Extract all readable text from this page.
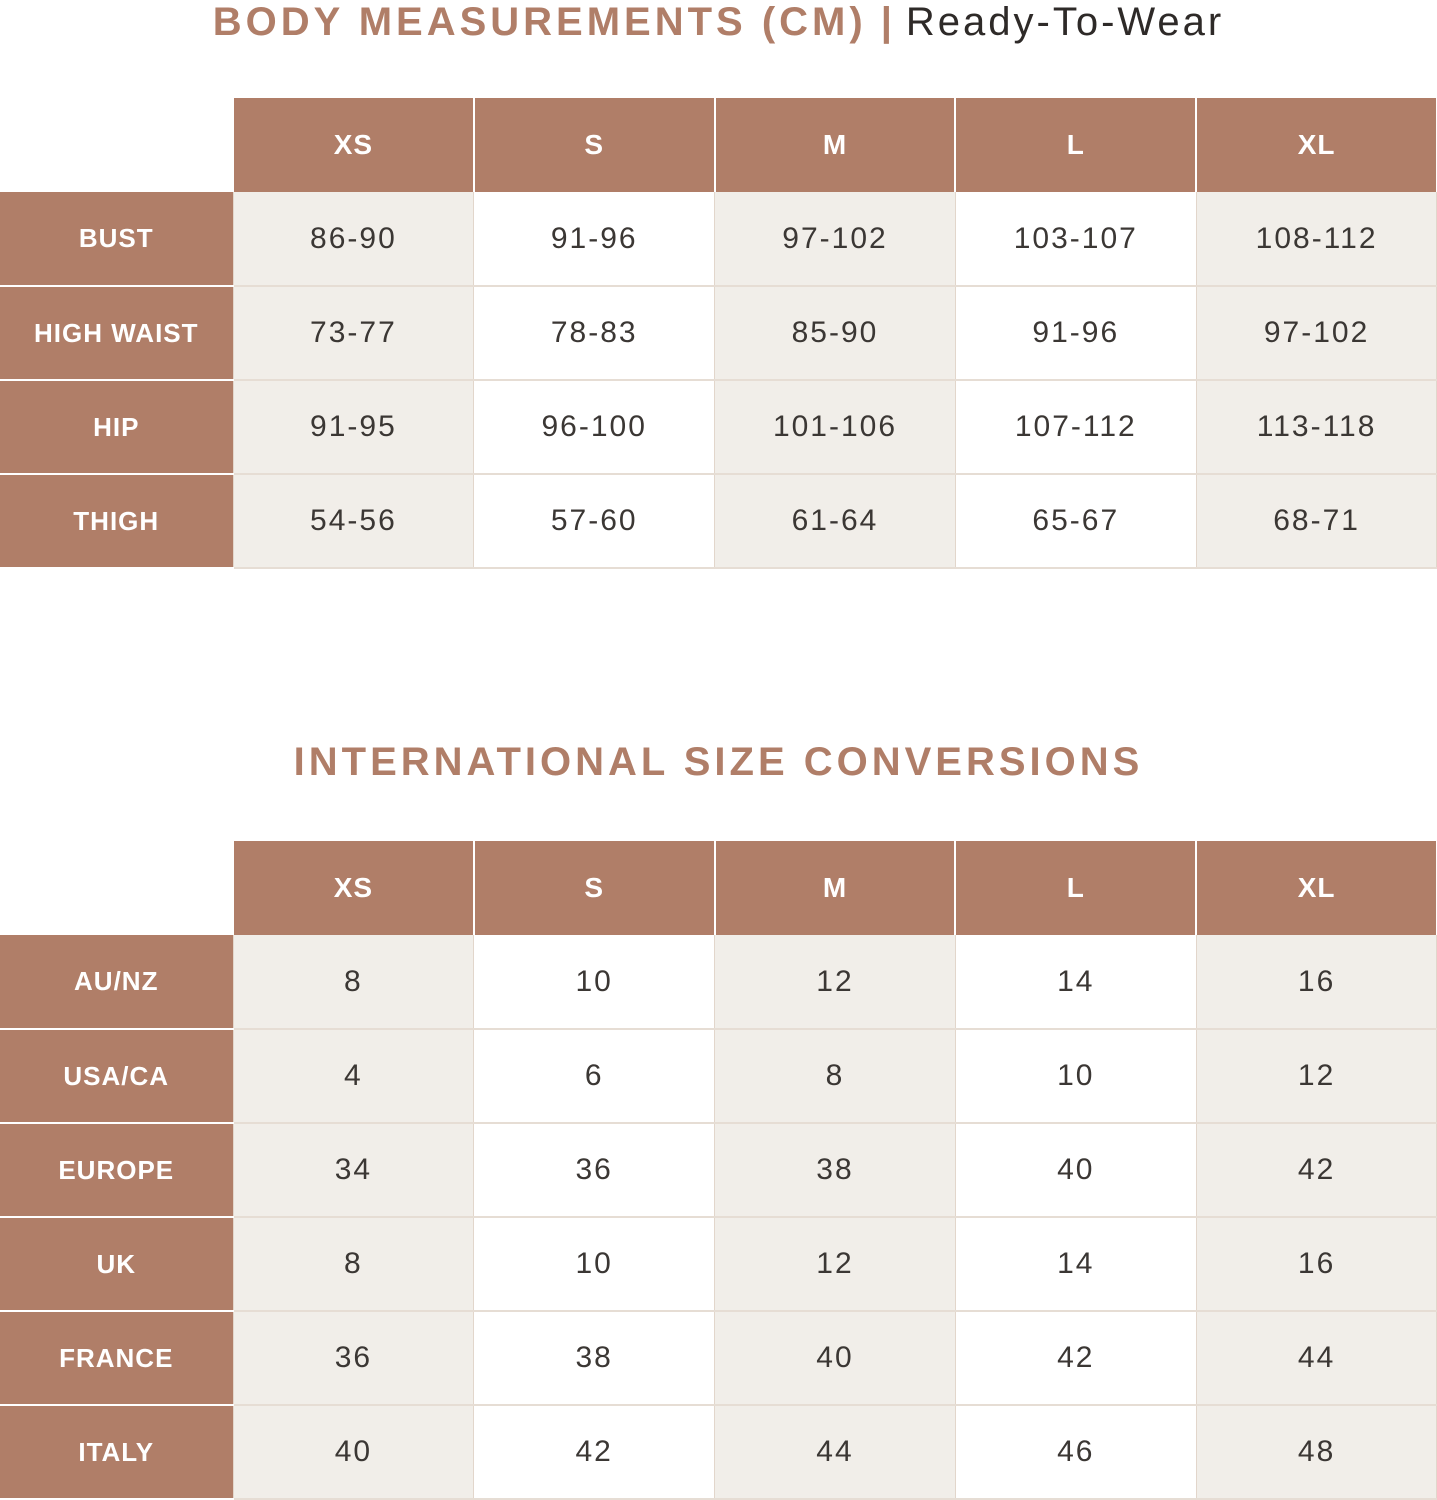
BODY MEASUREMENTS (CM) | Ready-To-Wear
	XS	S	M	L	XL
BUST	86-90	91-96	97-102	103-107	108-112
HIGH WAIST	73-77	78-83	85-90	91-96	97-102
HIP	91-95	96-100	101-106	107-112	113-118
THIGH	54-56	57-60	61-64	65-67	68-71
INTERNATIONAL SIZE CONVERSIONS
	XS	S	M	L	XL
AU/NZ	8	10	12	14	16
USA/CA	4	6	8	10	12
EUROPE	34	36	38	40	42
UK	8	10	12	14	16
FRANCE	36	38	40	42	44
ITALY	40	42	44	46	48
